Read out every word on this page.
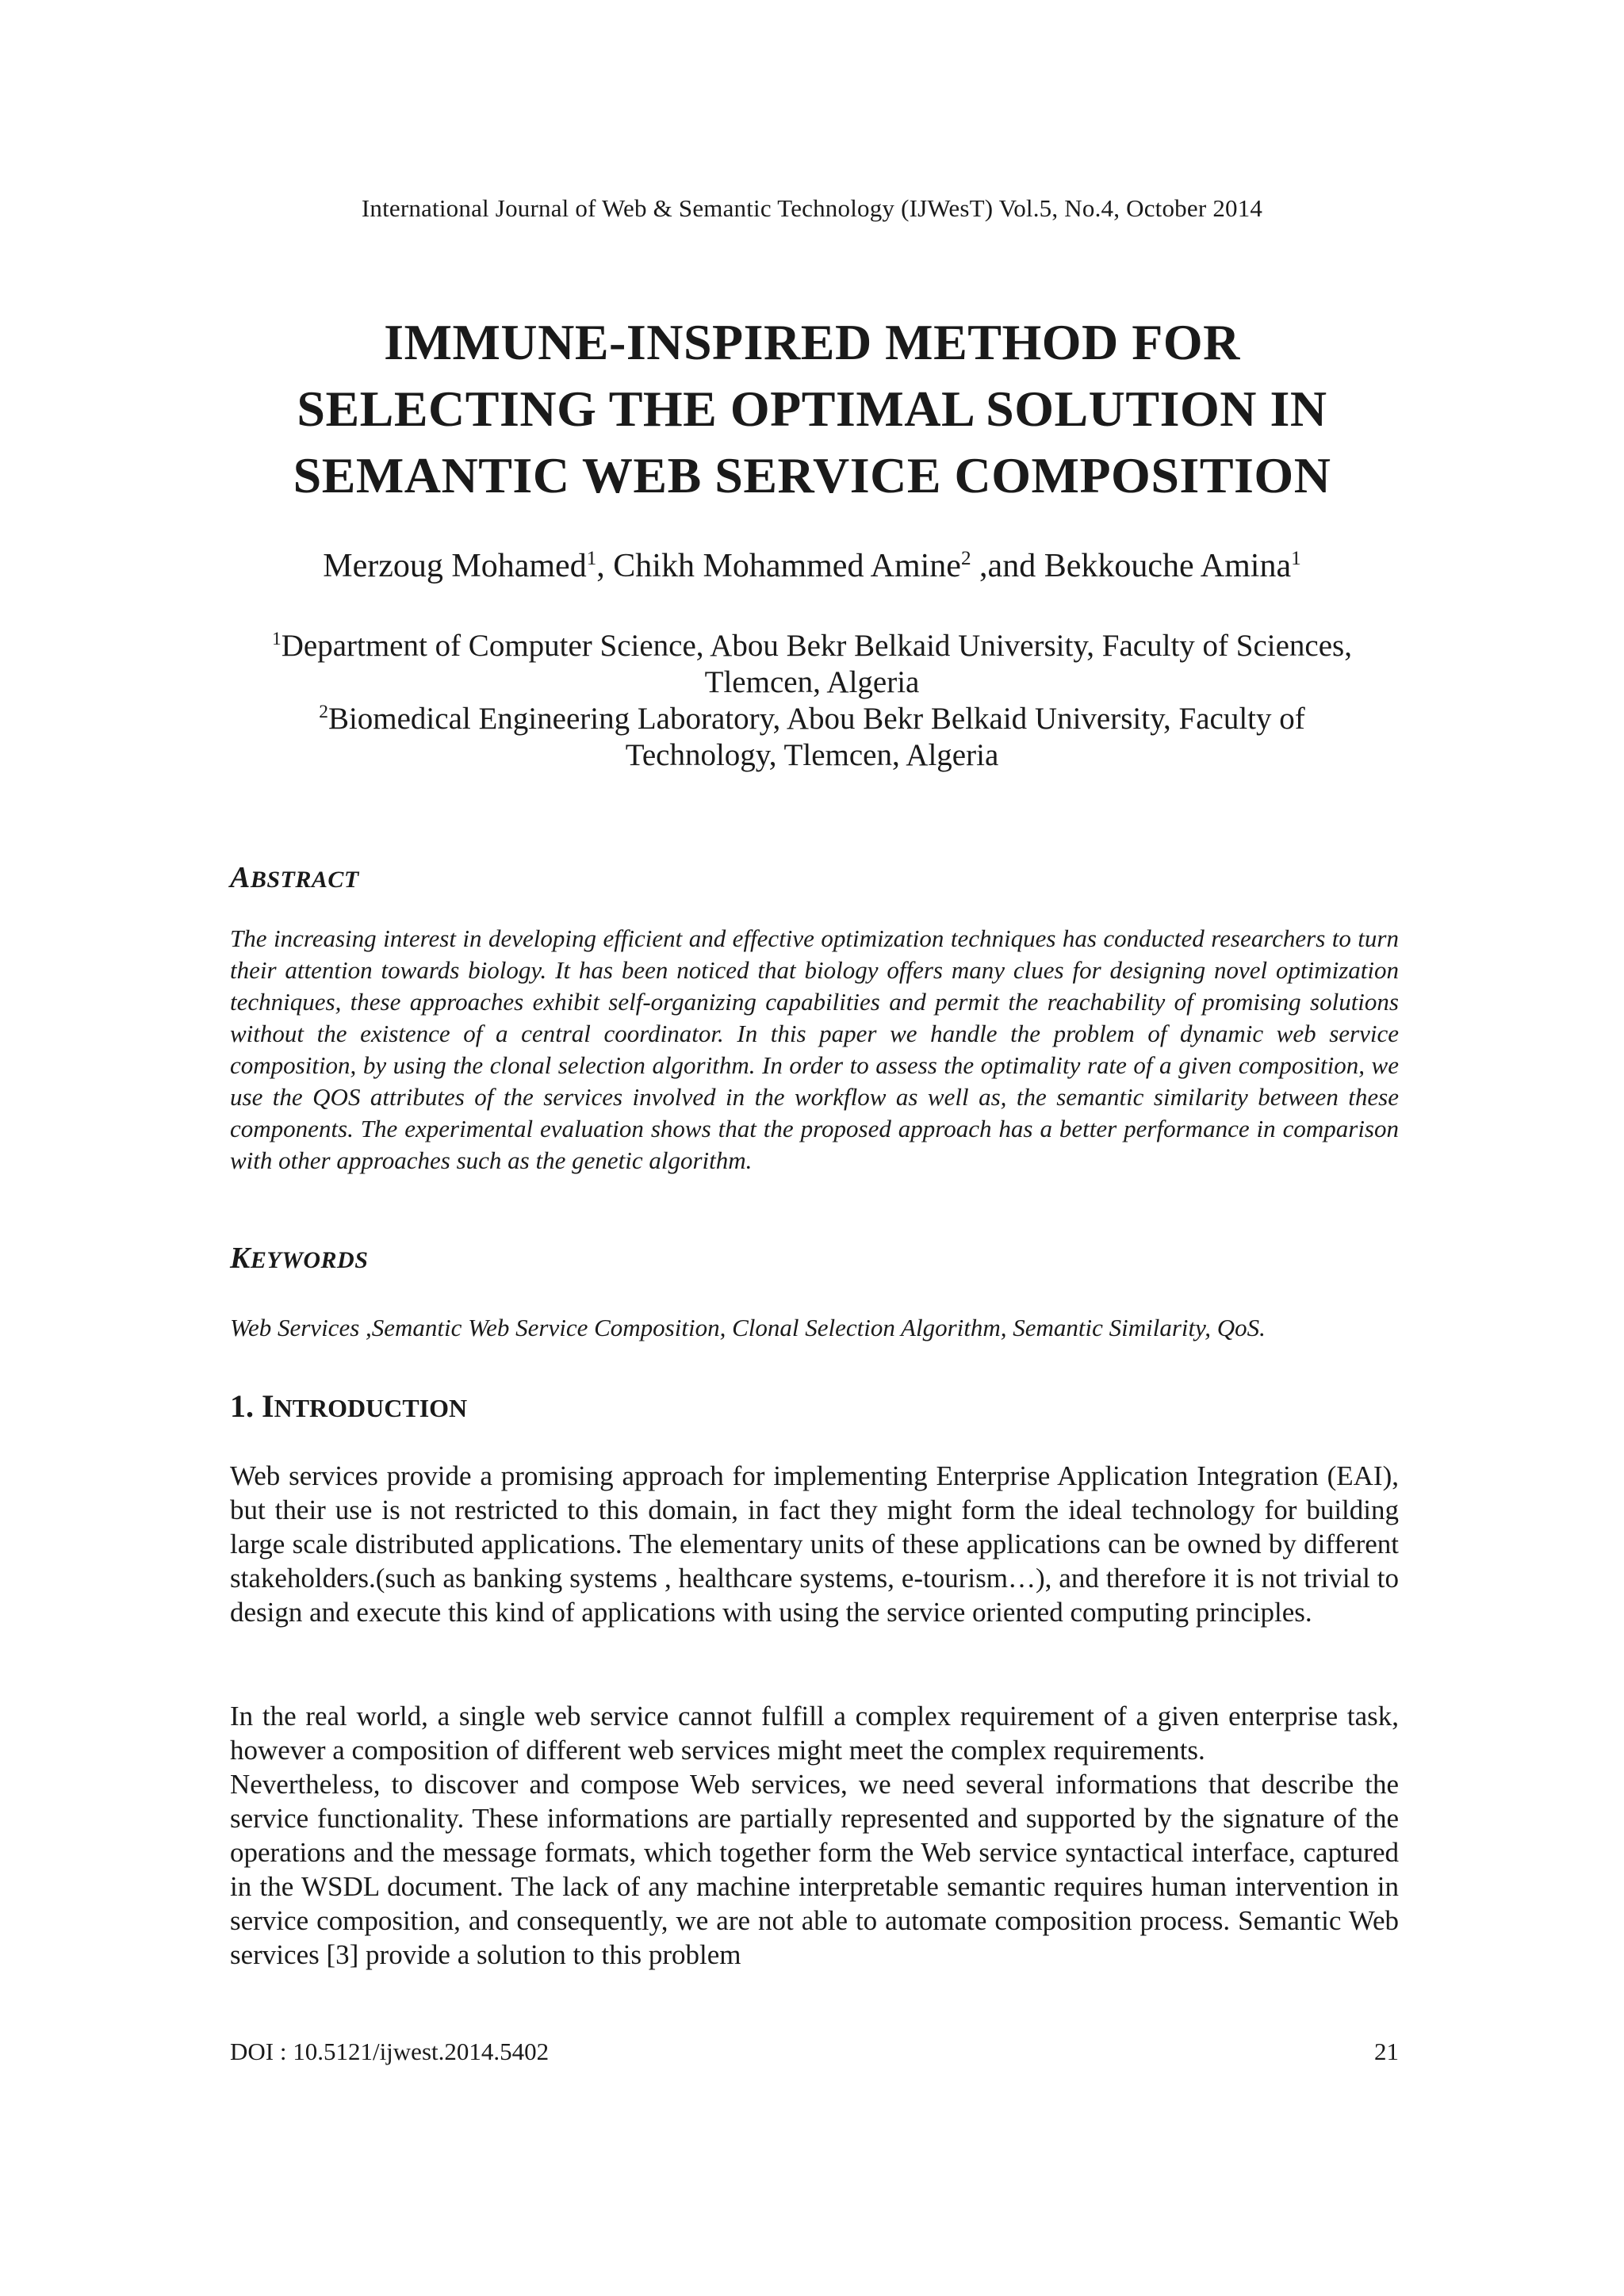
International Journal of Web & Semantic Technology (IJWesT) Vol.5, No.4, October 2014
IMMUNE-INSPIRED METHOD FOR
SELECTING THE OPTIMAL SOLUTION IN
SEMANTIC WEB SERVICE COMPOSITION
Merzoug Mohamed$^1$, Chikh Mohammed Amine$^2$ ,and Bekkouche Amina$^1$
$^1$Department of Computer Science, Abou Bekr Belkaid University, Faculty of Sciences,
Tlemcen, Algeria
$^2$Biomedical Engineering Laboratory, Abou Bekr Belkaid University, Faculty of
Technology, Tlemcen, Algeria
ABSTRACT
The increasing interest in developing efficient and effective optimization techniques has conducted researchers to turn their attention towards biology. It has been noticed that biology offers many clues for designing novel optimization techniques, these approaches exhibit self-organizing capabilities and permit the reachability of promising solutions without the existence of a central coordinator. In this paper we handle the problem of dynamic web service composition, by using the clonal selection algorithm. In order to assess the optimality rate of a given composition, we use the QOS attributes of the services involved in the workflow as well as, the semantic similarity between these components. The experimental evaluation shows that the proposed approach has a better performance in comparison with other approaches such as the genetic algorithm.
KEYWORDS
Web Services ,Semantic Web Service Composition, Clonal Selection Algorithm, Semantic Similarity, QoS.
1. INTRODUCTION
Web services provide a promising approach for implementing Enterprise Application Integration (EAI), but their use is not restricted to this domain, in fact they might form the ideal technology for building large scale distributed applications. The elementary units of these applications can be owned by different stakeholders.(such as banking systems , healthcare systems, e-tourism…), and therefore it is not trivial to design and execute this kind of applications with using the service oriented computing principles.
In the real world, a single web service cannot fulfill a complex requirement of a given enterprise task, however a composition of different web services might meet the complex requirements.
Nevertheless, to discover and compose Web services, we need several informations that describe the service functionality. These informations are partially represented and supported by the signature of the operations and the message formats, which together form the Web service syntactical interface, captured in the WSDL document. The lack of any machine interpretable semantic requires human intervention in service composition, and consequently, we are not able to automate composition process. Semantic Web services [3] provide a solution to this problem
DOI : 10.5121/ijwest.2014.5402	21
